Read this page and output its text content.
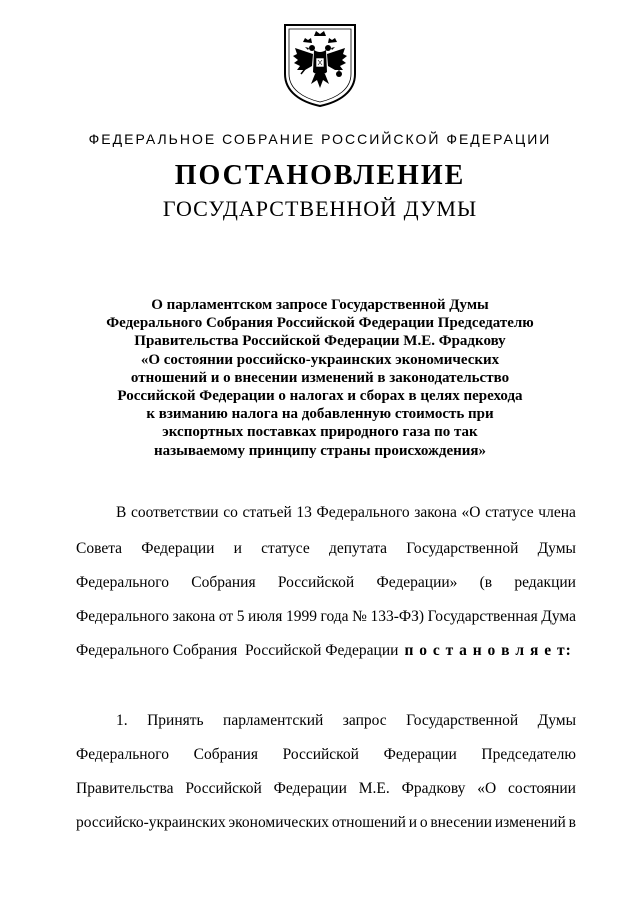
ФЕДЕРАЛЬНОЕ СОБРАНИЕ РОССИЙСКОЙ ФЕДЕРАЦИИ
ПОСТАНОВЛЕНИЕ
ГОСУДАРСТВЕННОЙ ДУМЫ
О парламентском запросе Государственной Думы
Федерального Собрания Российской Федерации Председателю
Правительства Российской Федерации М.Е. Фрадкову
«О состоянии российско-украинских экономических
отношений и о внесении изменений в законодательство
Российской Федерации о налогах и сборах в целях перехода
к взиманию налога на добавленную стоимость при
экспортных поставках природного газа по так
называемому принципу страны происхождения»
В соответствии со статьей 13 Федерального закона «О статусе члена
Совета Федерации и статусе депутата Государственной Думы
Федерального Собрания Российской Федерации» (в редакции
Федерального закона от 5 июля 1999 года № 133-ФЗ) Государственная Дума
Федерального Собрания  Российской Федерации п о с т а н о в л я е т:
1. Принять парламентский запрос Государственной Думы
Федерального Собрания Российской Федерации Председателю
Правительства Российской Федерации М.Е. Фрадкову «О состоянии
российско-украинских экономических отношений и о внесении изменений в
